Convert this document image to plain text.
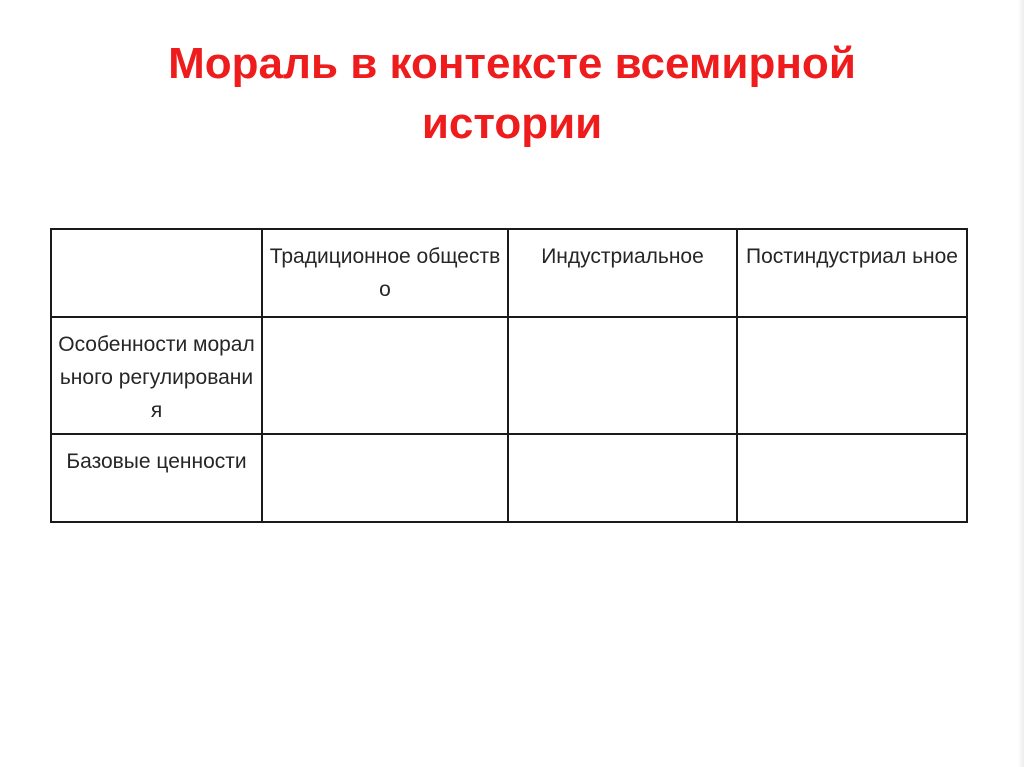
Мораль в контексте всемирной
истории
	Традиционное общество	Индустриальное	Постиндустриал ьное
Особенности морального регулирования			
Базовые ценности			
